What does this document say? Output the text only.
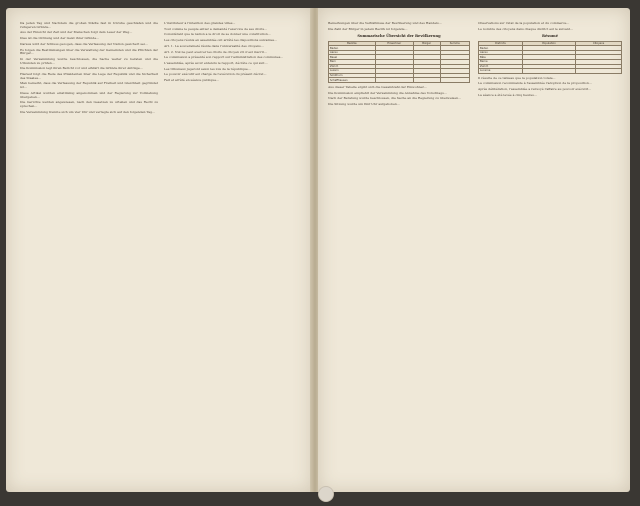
Da jeden Tag und Nachdem die großen Städte fast in Unruhe geschlafen und die ruhigeren Gründe...

Aus der Einsicht der Zeit und der Menschen folgt dem Leser der Weg...

Dies ist die Ordnung und der Geist ihrer Gründe...

Daraus wird der Schluss gezogen, dass die Verfassung der Nation gesichert sei...

Es folgen die Bestimmungen über die Verwaltung der Gemeinden und die Pflichten der Bürger...

In der Versammlung wurde beschlossen, die Sache weiter zu beraten und die Urkunden zu prüfen...

Die Kommission legt ihren Bericht vor und erklärt die Gründe ihrer Anträge...

Hierauf folgt die Rede des Präsidenten über die Lage der Republik und die Sicherheit des Staates...

Man bemerkt, dass die Verfassung der Republik auf Freiheit und Gleichheit gegründet ist...

Diese Artikel wurden einstimmig angenommen und der Regierung zur Vollziehung übergeben...

Die Gerichte werden angewiesen, nach den Gesetzen zu urteilen und das Recht zu sprechen...

Die Versammlung trennte sich um vier Uhr und vertagte sich auf den folgenden Tag...

L'instituteur à l'intention des grandes villes...

Tout comme le peuple entier a demandé l'exercice de ses droits...

Considérant que la nation a le droit de se donner une constitution...

Les citoyens réunis en assemblée ont arrêté les dispositions suivantes...

Art. 1. La souveraineté réside dans l'universalité des citoyens...

Art. 2. Nul ne peut exercer les droits de citoyen s'il n'est inscrit...

La commission a présenté son rapport sur l'administration des communes...

L'assemblée, après avoir entendu le rapport, décrète ce qui suit...

Les tribunaux jugeront selon les lois de la république...

Le pouvoir exécutif est chargé de l'exécution du présent décret...

Fait et arrêté en séance publique...

Bemerkungen über die Verhältnisse der Bevölkerung und des Handels...

Die Zahl der Bürger in jedem Bezirk ist folgende...

Summarische Übersicht der Bevölkerung
Bezirke	Einwohner	Bürger	Summe
Baden			
Aarau			
Basel			
Bern			
Zürich			
Luzern			
Solothurn			
Schaffhausen			

Aus dieser Tabelle ergibt sich die Gesamtzahl der Einwohner...

Die Kommission empfiehlt der Versammlung die Annahme des Vorschlags...

Nach der Beratung wurde beschlossen, die Sache an die Regierung zu überweisen...

Die Sitzung wurde um fünf Uhr aufgehoben...

Observations sur l'état de la population et du commerce...

Le nombre des citoyens dans chaque district est le suivant...

Résumé
Districts	Population	Citoyens
Baden		
Aarau		
Bâle		
Berne		
Zurich		
Lucerne		

Il résulte de ce tableau que la population totale...

La commission recommande à l'assemblée l'adoption de la proposition...

Après délibération, l'assemblée a renvoyé l'affaire au pouvoir exécutif...

La séance a été levée à cinq heures...
